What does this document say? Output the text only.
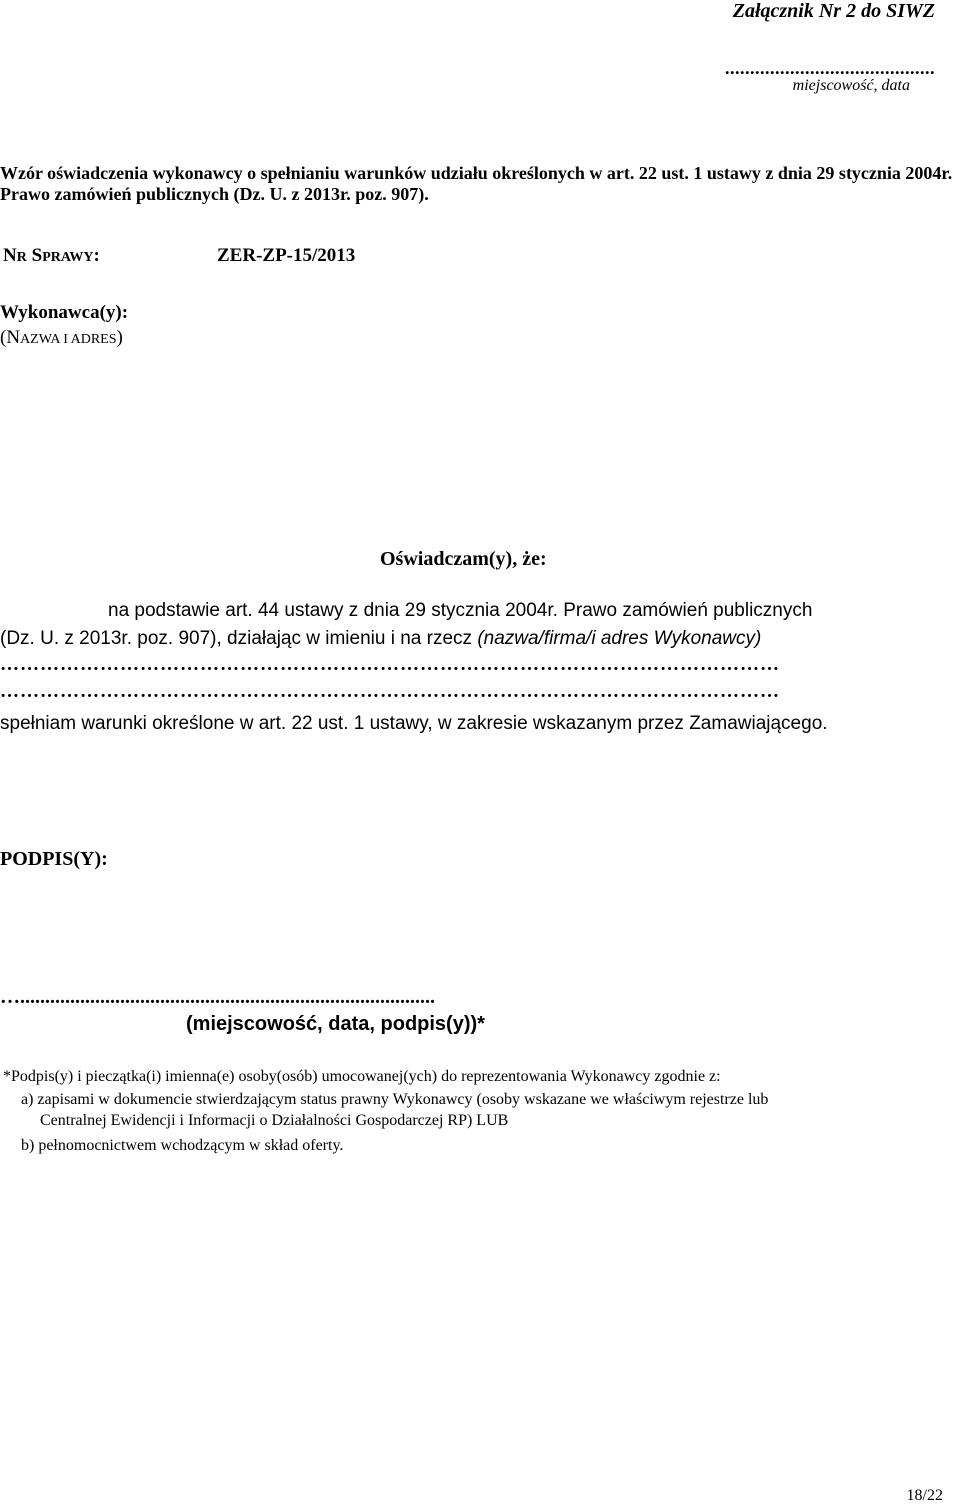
Załącznik Nr 2 do SIWZ
..........................................
miejscowość, data
Wzór oświadczenia wykonawcy o spełnianiu warunków udziału określonych w art. 22 ust. 1 ustawy z dnia 29 stycznia 2004r. Prawo zamówień publicznych (Dz. U. z 2013r. poz. 907).
NR SPRAWY:	ZER-ZP-15/2013
Wykonawca(y):
(NAZWA I ADRES)
Oświadczam(y), że:
na podstawie art. 44 ustawy z dnia 29 stycznia 2004r. Prawo zamówień publicznych
(Dz. U. z 2013r. poz. 907), działając w imieniu i na rzecz (nazwa/firma/i adres Wykonawcy)
………………………………………………………………………………………………………
………………………………………………………………………………………………………
spełniam warunki określone w art. 22 ust. 1 ustawy, w zakresie wskazanym przez Zamawiającego.
PODPIS(Y):
…...................................................................................
(miejscowość, data, podpis(y))*
*Podpis(y) i pieczątka(i) imienna(e) osoby(osób) umocowanej(ych) do reprezentowania Wykonawcy zgodnie z:
a) zapisami w dokumencie stwierdzającym status prawny Wykonawcy (osoby wskazane we właściwym rejestrze lub
Centralnej Ewidencji i Informacji o Działalności Gospodarczej RP) LUB
b) pełnomocnictwem wchodzącym w skład oferty.
18/22
